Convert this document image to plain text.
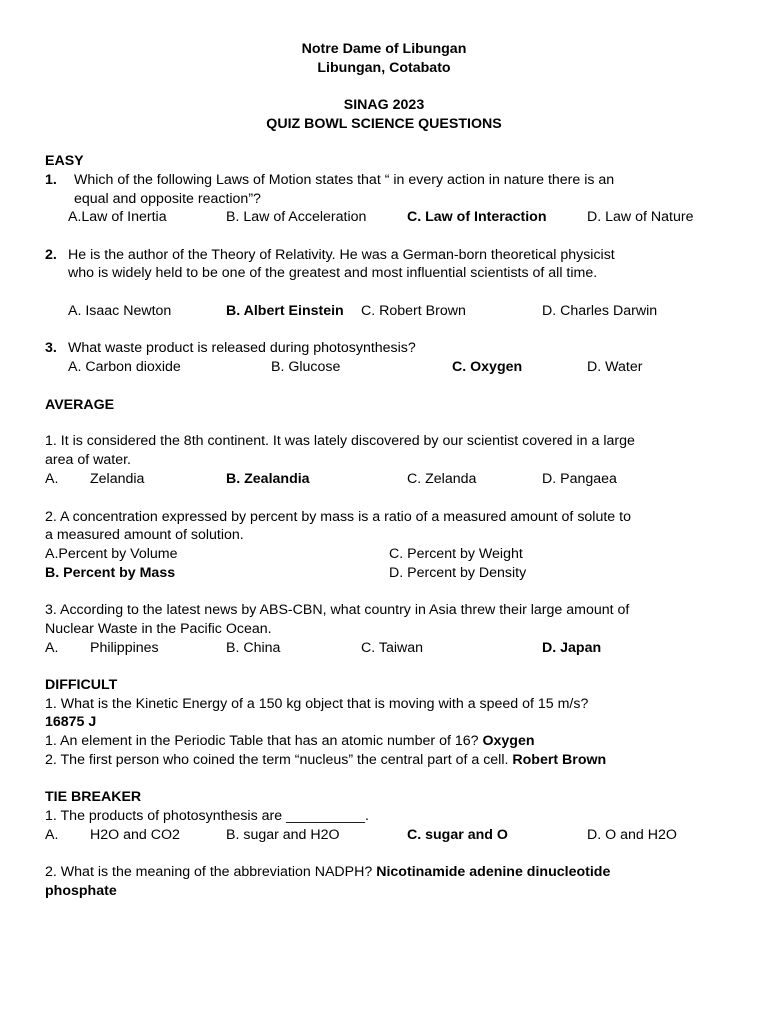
Notre Dame of Libungan
Libungan, Cotabato
SINAG 2023
QUIZ BOWL SCIENCE QUESTIONS
EASY
1. Which of the following Laws of Motion states that “ in every action in nature there is an
equal and opposite reaction”?
A.Law of Inertia	B. Law of Acceleration	C. Law of Interaction	D. Law of Nature
2. He is the author of the Theory of Relativity. He was a German-born theoretical physicist
who is widely held to be one of the greatest and most influential scientists of all time.
A. Isaac Newton	B. Albert Einstein C. Robert Brown	D. Charles Darwin
3. What waste product is released during photosynthesis?
A. Carbon dioxide	B. Glucose	C. Oxygen	D. Water
AVERAGE
1. It is considered the 8th continent. It was lately discovered by our scientist covered in a large
area of water.
A. Zelandia	B. Zealandia	C. Zelanda	D. Pangaea
2. A concentration expressed by percent by mass is a ratio of a measured amount of solute to
a measured amount of solution.
A.Percent by Volume	C. Percent by Weight
B. Percent by Mass	D. Percent by Density
3. According to the latest news by ABS-CBN, what country in Asia threw their large amount of
Nuclear Waste in the Pacific Ocean.
A. Philippines	B. China	C. Taiwan	D. Japan
DIFFICULT
1. What is the Kinetic Energy of a 150 kg object that is moving with a speed of 15 m/s?
16875 J
1. An element in the Periodic Table that has an atomic number of 16? Oxygen
2. The first person who coined the term “nucleus” the central part of a cell. Robert Brown
TIE BREAKER
1. The products of photosynthesis are __________.
A. H2O and CO2	B. sugar and H2O	C. sugar and O	D. O and H2O
2. What is the meaning of the abbreviation NADPH? Nicotinamide adenine dinucleotide
phosphate
